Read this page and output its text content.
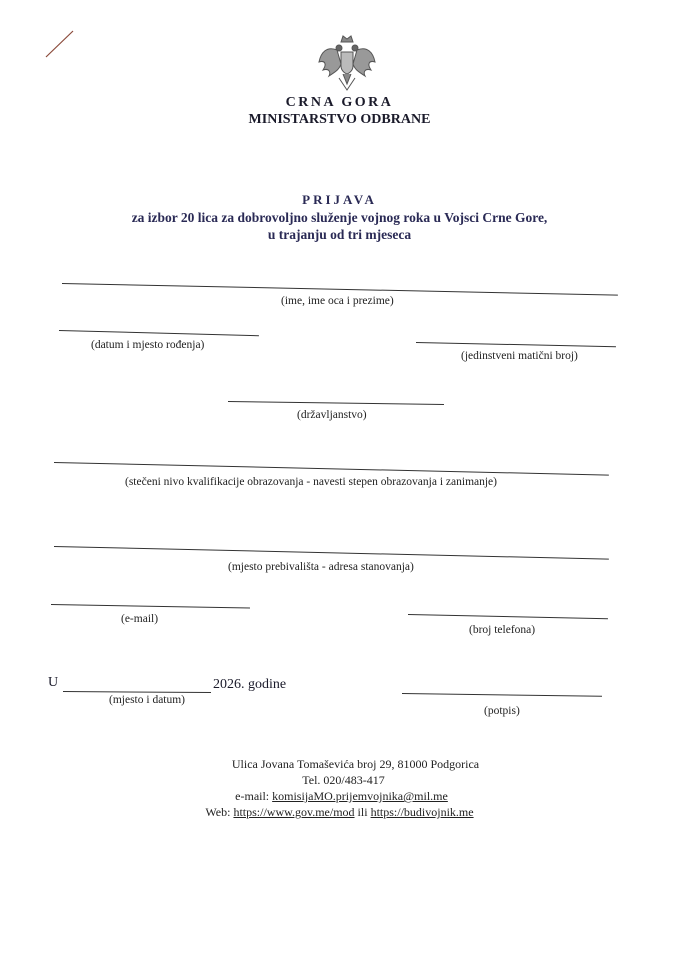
CRNA GORA
MINISTARSTVO ODBRANE
PRIJAVA
za izbor 20 lica za dobrovoljno služenje vojnog roka u Vojsci Crne Gore,
u trajanju od tri mjeseca
(ime, ime oca i prezime)
(datum i mjesto rođenja)
(jedinstveni matični broj)
(državljanstvo)
(stečeni nivo kvalifikacije obrazovanja - navesti stepen obrazovanja i zanimanje)
(mjesto prebivališta - adresa stanovanja)
(e-mail)
(broj telefona)
U	2026. godine
(mjesto i datum)
(potpis)
Ulica Jovana Tomaševića broj 29, 81000 Podgorica
Tel. 020/483-417
e-mail: komisijaMO.prijemvojnika@mil.me
Web: https://www.gov.me/mod ili https://budivojnik.me
